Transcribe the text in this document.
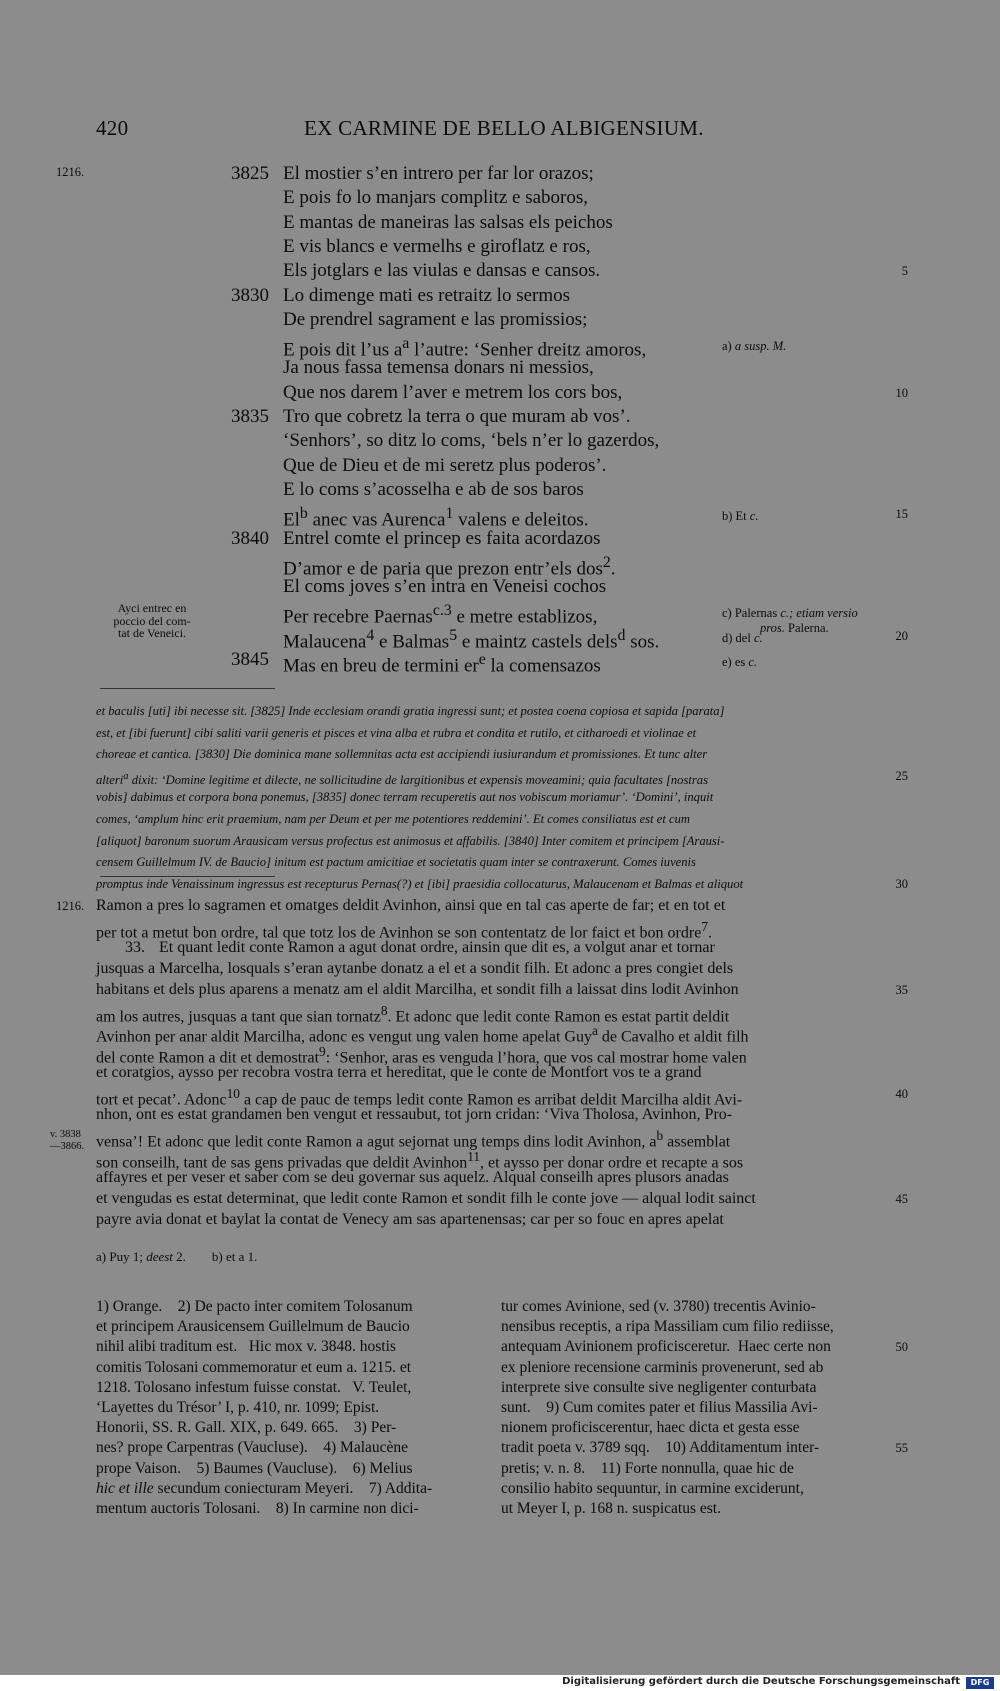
420	EX CARMINE DE BELLO ALBIGENSIUM.
1216.	3825 El mostier s’en intrero per far lor orazos;
E pois fo lo manjars complitz e saboros,
E mantas de maneiras las salsas els peichos
E vis blancs e vermelhs e giroflatz e ros,
Els jotglars e las viulas e dansas e cansos.	5
3830 Lo dimenge mati es retraitz lo sermos
De prendrel sagrament e las promissios;
E pois dit l’us $a^a$ l’autre: ‘Senher dreitz amoros,
Ja nous fassa temensa donars ni messios,
Que nos darem l’aver e metrem los cors bos,	10
3835 Tro que cobretz la terra o que muram ab vos’.
‘Senhors’, so ditz lo coms, ‘bels n’er lo gazerdos,
Que de Dieu et de mi seretz plus poderos’.
E lo coms s’acosselha e ab de sos baros
El$^b$ anec vas Aurenca$^1$ valens e deleitos.	15
3840 Entrel comte el princep es faita acordazos
D’amor e de paria que prezon entr’els dos$^2$.
El coms joves s’en intra en Veneisi cochos
Per recebre Paernas$^{c.3}$ e metre establizos,
Malaucena$^4$ e Balmas$^5$ e maintz castels dels$^d$ sos.	20
3845 Mas en breu de termini $er^e$ la comensazos
a) a susp. M.
b) Et c.
c) Palernas c.; etiam versio
pros. Palerna.
d) del c.
e) es c.
Ayci entrec en
poccio del com-
tat de Veneici.
et baculis [uti] ibi necesse sit. [3825] Inde ecclesiam orandi gratia ingressi sunt; et postea coena copiosa et sapida [parata]
est, et [ibi fuerunt] cibi saliti varii generis et pisces et vina alba et rubra et condita et rutilo, et citharoedi et violinae et
choreae et cantica. [3830] Die dominica mane sollemnitas acta est accipiendi iusiurandum et promissiones. Et tunc alter
alteri$^a$ dixit: ‘Domine legitime et dilecte, ne sollicitudine de largitionibus et expensis moveamini; quia facultates [nostras	25
vobis] dabimus et corpora bona ponemus, [3835] donec terram recuperetis aut nos vobiscum moriamur’. ‘Domini’, inquit
comes, ‘amplum hinc erit praemium, nam per Deum et per me potentiores reddemini’. Et comes consiliatus est et cum
[aliquot] baronum suorum Arausicam versus profectus est animosus et affabilis. [3840] Inter comitem et principem [Arausi-
censem Guillelmum IV. de Baucio] initum est pactum amicitiae et societatis quam inter se contraxerunt. Comes iuvenis
promptus inde Venaissinum ingressus est recepturus Pernas(?) et [ibi] praesidia collocaturus, Malaucenam et Balmas et aliquot	30
1216.
v. 3838
—3866.
Ramon a pres lo sagramen et omatges deldit Avinhon, ainsi que en tal cas aperte de far; et en tot et
per tot a metut bon ordre, tal que totz los de Avinhon se son contentatz de lor faict et bon ordre$^7$.
33. Et quant ledit conte Ramon a agut donat ordre, ainsin que dit es, a volgut anar et tornar
jusquas a Marcelha, losquals s’eran aytanbe donatz a el et a sondit filh. Et adonc a pres congiet dels
habitans et dels plus aparens a menatz am el aldit Marcilha, et sondit filh a laissat dins lodit Avinhon	35
am los autres, jusquas a tant que sian tornatz$^8$. Et adonc que ledit conte Ramon es estat partit deldit
Avinhon per anar aldit Marcilha, adonc es vengut ung valen home apelat Guy$^a$ de Cavalho et aldit filh
del conte Ramon a dit et demostrat$^9$: ‘Senhor, aras es venguda l’hora, que vos cal mostrar home valen
et coratgios, aysso per recobra vostra terra et hereditat, que le conte de Montfort vos te a grand
tort et pecat’. Adonc$^{10}$ a cap de pauc de temps ledit conte Ramon es arribat deldit Marcilha aldit Avi-	40
nhon, ont es estat grandamen ben vengut et ressaubut, tot jorn cridan: ‘Viva Tholosa, Avinhon, Pro-
vensa’! Et adonc que ledit conte Ramon a agut sejornat ung temps dins lodit Avinhon, $a^b$ assemblat
son conseilh, tant de sas gens privadas que deldit Avinhon$^{11}$, et aysso per donar ordre et recapte a sos
affayres et per veser et saber com se deu governar sus aquelz. Alqual conseilh apres plusors anadas
et vengudas es estat determinat, que ledit conte Ramon et sondit filh le conte jove — alqual lodit sainct	45
payre avia donat et baylat la contat de Venecy am sas apartenensas; car per so fouc en apres apelat
a) Puy 1; deest 2.        b) et a 1.
1) Orange.    2) De pacto inter comitem Tolosanum
et principem Arausicensem Guillelmum de Baucio
nihil alibi traditum est.   Hic mox v. 3848. hostis
comitis Tolosani commemoratur et eum a. 1215. et
1218. Tolosano infestum fuisse constat.   V. Teulet,
‘Layettes du Trésor’ I, p. 410, nr. 1099; Epist.
Honorii, SS. R. Gall. XIX, p. 649. 665.    3) Per-
nes? prope Carpentras (Vaucluse).    4) Malaucène
prope Vaison.    5) Baumes (Vaucluse).    6) Melius
hic et ille secundum coniecturam Meyeri.    7) Additа-
mentum auctoris Tolosani.    8) In carmine non dici-
tur comes Avinione, sed (v. 3780) trecentis Avinio-
nensibus receptis, a ripa Massiliam cum filio rediisse,
antequam Avinionem proficisceretur.  Haec certe non	50
ex pleniore recensione carminis provenerunt, sed ab
interprete sive consulte sive negligenter conturbata
sunt.    9) Cum comites pater et filius Massilia Avi-
nionem proficiscerentur, haec dicta et gesta esse
tradit poeta v. 3789 sqq.    10) Additamentum inter-	55
pretis; v. n. 8.    11) Forte nonnulla, quae hic de
consilio habito sequuntur, in carmine exciderunt,
ut Meyer I, p. 168 n. suspicatus est.
Digitalisierung gefördert durch die Deutsche Forschungsgemeinschaft	DFG
